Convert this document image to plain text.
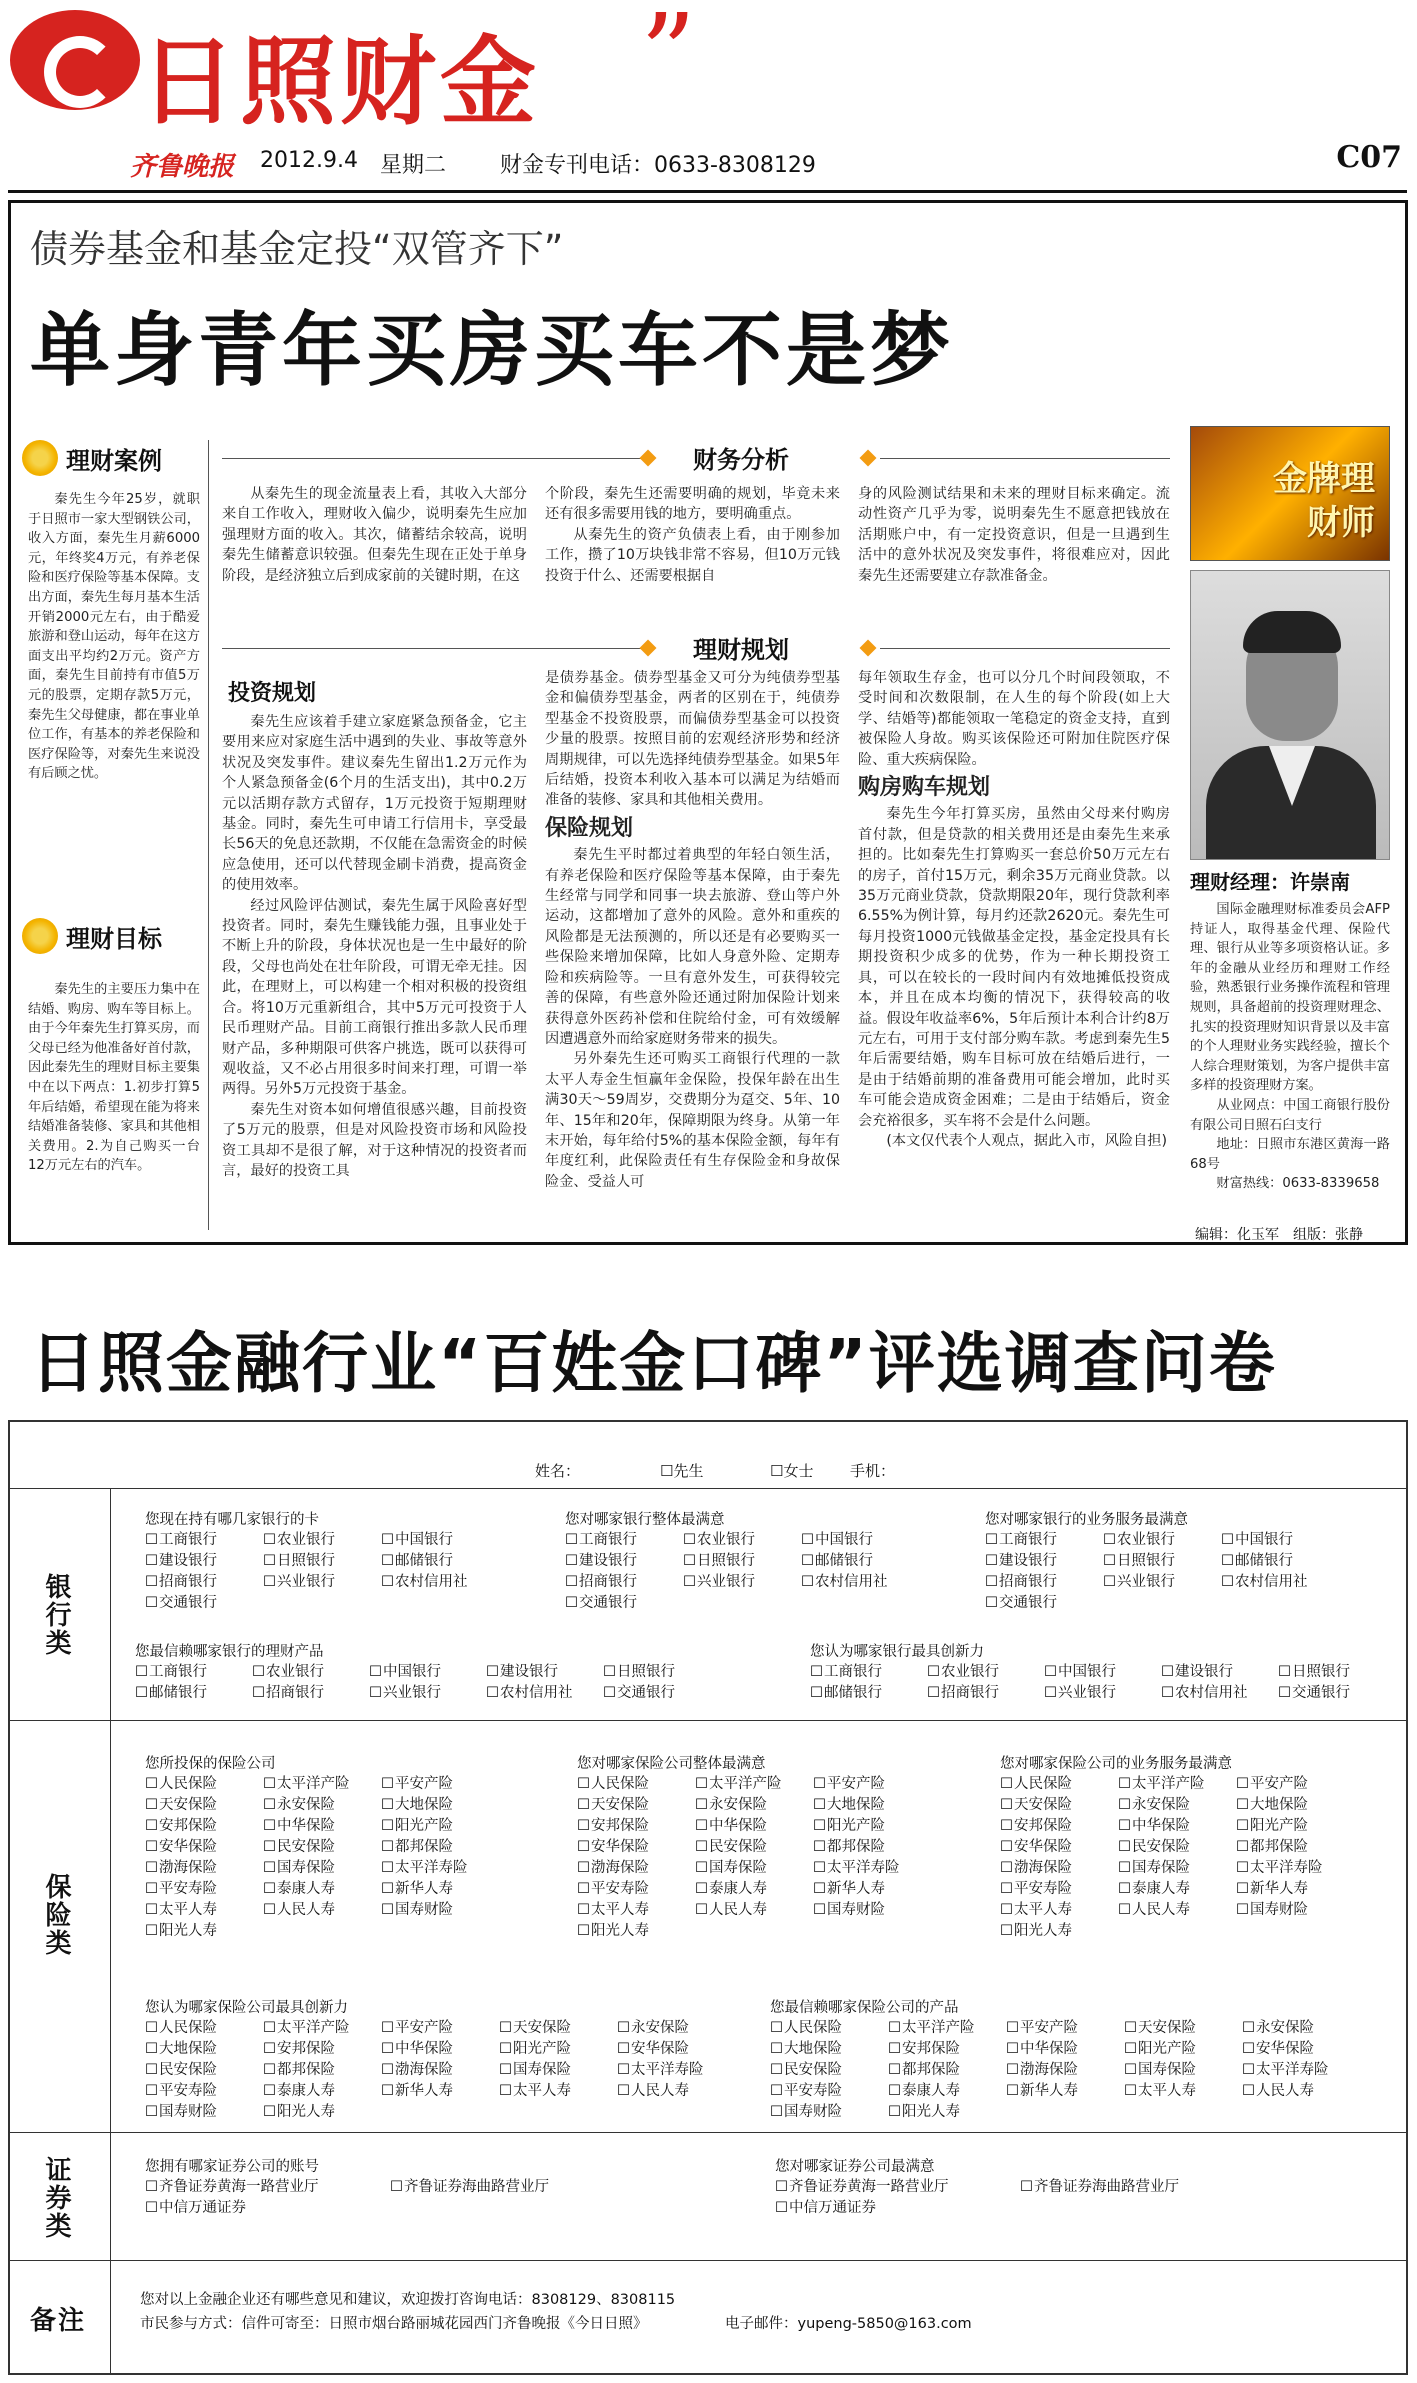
日照财金 ”
齐鲁晚报 2012.9.4 星期二 财金专刊电话：0633-8308129	C07
债券基金和基金定投“双管齐下”
单身青年买房买车不是梦
理财案例

秦先生今年25岁，就职于日照市一家大型钢铁公司，收入方面，秦先生月薪6000元，年终奖4万元，有养老保险和医疗保险等基本保障。支出方面，秦先生每月基本生活开销2000元左右，由于酷爱旅游和登山运动，每年在这方面支出平均约2万元。资产方面，秦先生目前持有市值5万元的股票，定期存款5万元，秦先生父母健康，都在事业单位工作，有基本的养老保险和医疗保险等，对秦先生来说没有后顾之忧。

理财目标

秦先生的主要压力集中在结婚、购房、购车等目标上。由于今年秦先生打算买房，而父母已经为他准备好首付款，因此秦先生的理财目标主要集中在以下两点：1.初步打算5年后结婚，希望现在能为将来结婚准备装修、家具和其他相关费用。2.为自己购买一台12万元左右的汽车。

财务分析

从秦先生的现金流量表上看，其收入大部分来自工作收入，理财收入偏少，说明秦先生应加强理财方面的收入。其次，储蓄结余较高，说明秦先生储蓄意识较强。但秦先生现在正处于单身阶段，是经济独立后到成家前的关键时期，在这

个阶段，秦先生还需要明确的规划，毕竟未来还有很多需要用钱的地方，要明确重点。

从秦先生的资产负债表上看，由于刚参加工作，攒了10万块钱非常不容易，但10万元钱投资于什么、还需要根据自

身的风险测试结果和未来的理财目标来确定。流动性资产几乎为零，说明秦先生不愿意把钱放在活期账户中，有一定投资意识，但是一旦遇到生活中的意外状况及突发事件，将很难应对，因此秦先生还需要建立存款准备金。

理财规划
投资规划

秦先生应该着手建立家庭紧急预备金，它主要用来应对家庭生活中遇到的失业、事故等意外状况及突发事件。建议秦先生留出1.2万元作为个人紧急预备金(6个月的生活支出)，其中0.2万元以活期存款方式留存，1万元投资于短期理财基金。同时，秦先生可申请工行信用卡，享受最长56天的免息还款期，不仅能在急需资金的时候应急使用，还可以代替现金刷卡消费，提高资金的使用效率。

经过风险评估测试，秦先生属于风险喜好型投资者。同时，秦先生赚钱能力强，且事业处于不断上升的阶段，身体状况也是一生中最好的阶段，父母也尚处在壮年阶段，可谓无牵无挂。因此，在理财上，可以构建一个相对积极的投资组合。将10万元重新组合，其中5万元可投资于人民币理财产品。目前工商银行推出多款人民币理财产品，多种期限可供客户挑选，既可以获得可观收益，又不必占用很多时间来打理，可谓一举两得。另外5万元投资于基金。

秦先生对资本如何增值很感兴趣，目前投资了5万元的股票，但是对风险投资市场和风险投资工具却不是很了解，对于这种情况的投资者而言，最好的投资工具

是债券基金。债券型基金又可分为纯债券型基金和偏债券型基金，两者的区别在于，纯债券型基金不投资股票，而偏债券型基金可以投资少量的股票。按照目前的宏观经济形势和经济周期规律，可以先选择纯债券型基金。如果5年后结婚，投资本利收入基本可以满足为结婚而准备的装修、家具和其他相关费用。

保险规划

秦先生平时都过着典型的年轻白领生活，有养老保险和医疗保险等基本保障，由于秦先生经常与同学和同事一块去旅游、登山等户外运动，这都增加了意外的风险。意外和重疾的风险都是无法预测的，所以还是有必要购买一些保险来增加保障，比如人身意外险、定期寿险和疾病险等。一旦有意外发生，可获得较完善的保障，有些意外险还通过附加保险计划来获得意外医药补偿和住院给付金，可有效缓解因遭遇意外而给家庭财务带来的损失。

另外秦先生还可购买工商银行代理的一款太平人寿金生恒赢年金保险，投保年龄在出生满30天～59周岁，交费期分为趸交、5年、10年、15年和20年，保障期限为终身。从第一年末开始，每年给付5%的基本保险金额，每年有年度红利，此保险责任有生存保险金和身故保险金、受益人可

每年领取生存金，也可以分几个时间段领取，不受时间和次数限制，在人生的每个阶段(如上大学、结婚等)都能领取一笔稳定的资金支持，直到被保险人身故。购买该保险还可附加住院医疗保险、重大疾病保险。

购房购车规划

秦先生今年打算买房，虽然由父母来付购房首付款，但是贷款的相关费用还是由秦先生来承担的。比如秦先生打算购买一套总价50万元左右的房子，首付15万元，剩余35万元商业贷款。以35万元商业贷款，贷款期限20年，现行贷款利率6.55%为例计算，每月约还款2620元。秦先生可每月投资1000元钱做基金定投，基金定投具有长期投资积少成多的优势，作为一种长期投资工具，可以在较长的一段时间内有效地摊低投资成本，并且在成本均衡的情况下，获得较高的收益。假设年收益率6%，5年后预计本利合计约8万元左右，可用于支付部分购车款。考虑到秦先生5年后需要结婚，购车目标可放在结婚后进行，一是由于结婚前期的准备费用可能会增加，此时买车可能会造成资金困难；二是由于结婚后，资金会充裕很多，买车将不会是什么问题。

(本文仅代表个人观点，据此入市，风险自担)

金牌理财师
理财经理：许崇南

国际金融理财标准委员会AFP持证人，取得基金代理、保险代理、银行从业等多项资格认证。多年的金融从业经历和理财工作经验，熟悉银行业务操作流程和管理规则，具备超前的投资理财理念、扎实的投资理财知识背景以及丰富的个人理财业务实践经验，擅长个人综合理财策划，为客户提供丰富多样的投资理财方案。

从业网点：中国工商银行股份有限公司日照石臼支行

地址：日照市东港区黄海一路68号

财富热线：0633-8339658

编辑：化玉军　组版：张静
日照金融行业“百姓金口碑”评选调查问卷
姓名：	☐先生	☐女士 手机：
银行类
保险类
证券类
备注
您现在持有哪几家银行的卡
☐ 工商银行	☐ 农业银行	☐ 中国银行
☐ 建设银行	☐ 日照银行	☐ 邮储银行
☐ 招商银行	☐ 兴业银行	☐ 农村信用社
☐ 交通银行
您对哪家银行整体最满意
☐ 工商银行	☐ 农业银行	☐ 中国银行
☐ 建设银行	☐ 日照银行	☐ 邮储银行
☐ 招商银行	☐ 兴业银行	☐ 农村信用社
☐ 交通银行
您对哪家银行的业务服务最满意
☐ 工商银行	☐ 农业银行	☐ 中国银行
☐ 建设银行	☐ 日照银行	☐ 邮储银行
☐ 招商银行	☐ 兴业银行	☐ 农村信用社
☐ 交通银行
您最信赖哪家银行的理财产品
☐ 工商银行	☐ 农业银行	☐ 中国银行	☐ 建设银行	☐ 日照银行
☐ 邮储银行	☐ 招商银行	☐ 兴业银行	☐ 农村信用社	☐ 交通银行
您认为哪家银行最具创新力
☐ 工商银行	☐ 农业银行	☐ 中国银行	☐ 建设银行	☐ 日照银行
☐ 邮储银行	☐ 招商银行	☐ 兴业银行	☐ 农村信用社	☐ 交通银行
您所投保的保险公司
☐ 人民保险	☐ 太平洋产险	☐ 平安产险
☐ 天安保险	☐ 永安保险	☐ 大地保险
☐ 安邦保险	☐ 中华保险	☐ 阳光产险
☐ 安华保险	☐ 民安保险	☐ 都邦保险
☐ 渤海保险	☐ 国寿保险	☐ 太平洋寿险
☐ 平安寿险	☐ 泰康人寿	☐ 新华人寿
☐ 太平人寿	☐ 人民人寿	☐ 国寿财险
☐ 阳光人寿
您对哪家保险公司整体最满意
☐ 人民保险	☐ 太平洋产险	☐ 平安产险
☐ 天安保险	☐ 永安保险	☐ 大地保险
☐ 安邦保险	☐ 中华保险	☐ 阳光产险
☐ 安华保险	☐ 民安保险	☐ 都邦保险
☐ 渤海保险	☐ 国寿保险	☐ 太平洋寿险
☐ 平安寿险	☐ 泰康人寿	☐ 新华人寿
☐ 太平人寿	☐ 人民人寿	☐ 国寿财险
☐ 阳光人寿
您对哪家保险公司的业务服务最满意
☐ 人民保险	☐ 太平洋产险	☐ 平安产险
☐ 天安保险	☐ 永安保险	☐ 大地保险
☐ 安邦保险	☐ 中华保险	☐ 阳光产险
☐ 安华保险	☐ 民安保险	☐ 都邦保险
☐ 渤海保险	☐ 国寿保险	☐ 太平洋寿险
☐ 平安寿险	☐ 泰康人寿	☐ 新华人寿
☐ 太平人寿	☐ 人民人寿	☐ 国寿财险
☐ 阳光人寿
您认为哪家保险公司最具创新力
☐ 人民保险	☐ 太平洋产险	☐ 平安产险	☐ 天安保险	☐ 永安保险
☐ 大地保险	☐ 安邦保险	☐ 中华保险	☐ 阳光产险	☐ 安华保险
☐ 民安保险	☐ 都邦保险	☐ 渤海保险	☐ 国寿保险	☐ 太平洋寿险
☐ 平安寿险	☐ 泰康人寿	☐ 新华人寿	☐ 太平人寿	☐ 人民人寿
☐ 国寿财险	☐ 阳光人寿
您最信赖哪家保险公司的产品
☐ 人民保险	☐ 太平洋产险	☐ 平安产险	☐ 天安保险	☐ 永安保险
☐ 大地保险	☐ 安邦保险	☐ 中华保险	☐ 阳光产险	☐ 安华保险
☐ 民安保险	☐ 都邦保险	☐ 渤海保险	☐ 国寿保险	☐ 太平洋寿险
☐ 平安寿险	☐ 泰康人寿	☐ 新华人寿	☐ 太平人寿	☐ 人民人寿
☐ 国寿财险	☐ 阳光人寿
您拥有哪家证券公司的账号
☐ 齐鲁证券黄海一路营业厅	☐ 齐鲁证券海曲路营业厅
☐ 中信万通证券
您对哪家证券公司最满意
☐ 齐鲁证券黄海一路营业厅	☐ 齐鲁证券海曲路营业厅
☐ 中信万通证券
您对以上金融企业还有哪些意见和建议，欢迎拨打咨询电话：8308129、8308115
市民参与方式：信件可寄至：日照市烟台路丽城花园西门齐鲁晚报《今日日照》	电子邮件：yupeng-5850@163.com
